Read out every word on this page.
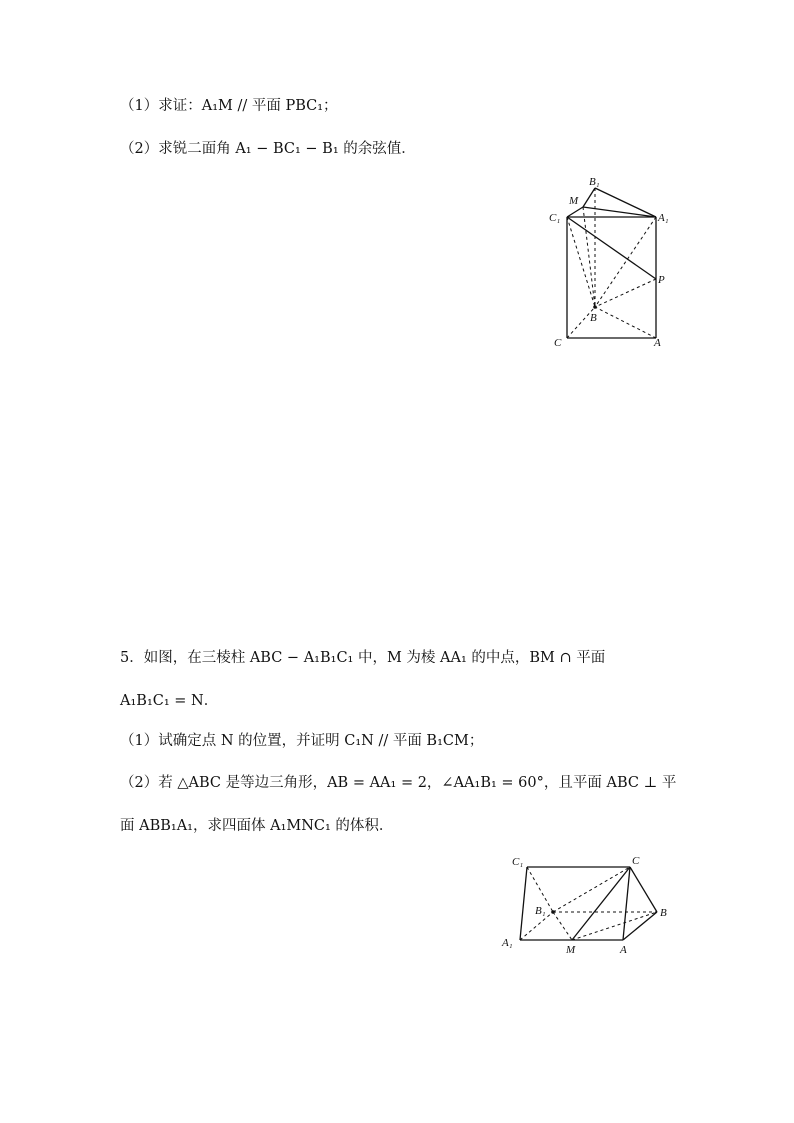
（1）求证：A₁M // 平面 PBC₁；
（2）求锐二面角 A₁ − BC₁ − B₁ 的余弦值．
B₁
M
C₁	A₁
P
B
C	A
5．如图，在三棱柱 ABC − A₁B₁C₁ 中，M 为棱 AA₁ 的中点，BM ∩ 平面
A₁B₁C₁ = N．
（1）试确定点 N 的位置，并证明 C₁N // 平面 B₁CM；
（2）若 △ABC 是等边三角形，AB = AA₁ = 2，∠AA₁B₁ = 60°，且平面 ABC ⊥ 平
面 ABB₁A₁，求四面体 A₁MNC₁ 的体积．
C₁	C
B₁	B
A₁
M	A
